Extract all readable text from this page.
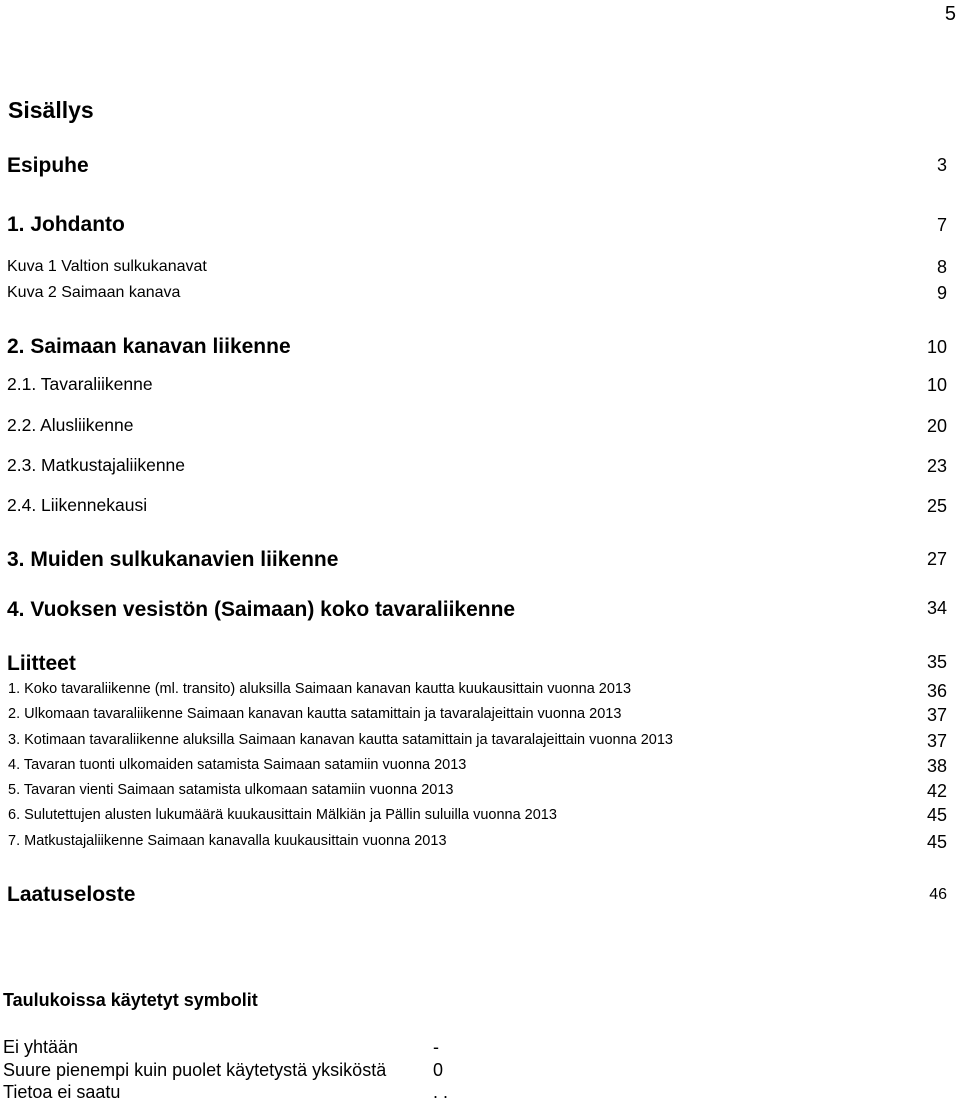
5
Sisällys
Esipuhe	3
1. Johdanto	7
Kuva 1 Valtion sulkukanavat	8
Kuva 2 Saimaan kanava	9
2. Saimaan kanavan liikenne	10
2.1. Tavaraliikenne	10
2.2. Alusliikenne	20
2.3. Matkustajaliikenne	23
2.4. Liikennekausi	25
3. Muiden sulkukanavien liikenne	27
4. Vuoksen vesistön (Saimaan) koko tavaraliikenne	34
Liitteet	35
1. Koko tavaraliikenne (ml. transito) aluksilla Saimaan kanavan kautta kuukausittain vuonna 2013	36
2. Ulkomaan tavaraliikenne Saimaan kanavan kautta satamittain ja tavaralajeittain vuonna 2013	37
3. Kotimaan tavaraliikenne aluksilla Saimaan kanavan kautta satamittain ja tavaralajeittain vuonna 2013	37
4. Tavaran tuonti ulkomaiden satamista Saimaan satamiin vuonna 2013	38
5. Tavaran vienti Saimaan satamista ulkomaan satamiin vuonna 2013	42
6. Sulutettujen alusten lukumäärä kuukausittain Mälkiän ja Pällin suluilla vuonna 2013	45
7. Matkustajaliikenne Saimaan kanavalla kuukausittain vuonna 2013	45
Laatuseloste	46
Taulukoissa käytetyt symbolit
Ei yhtään	-
Suure pienempi kuin puolet käytetystä yksiköstä	0
Tietoa ei saatu	. .
